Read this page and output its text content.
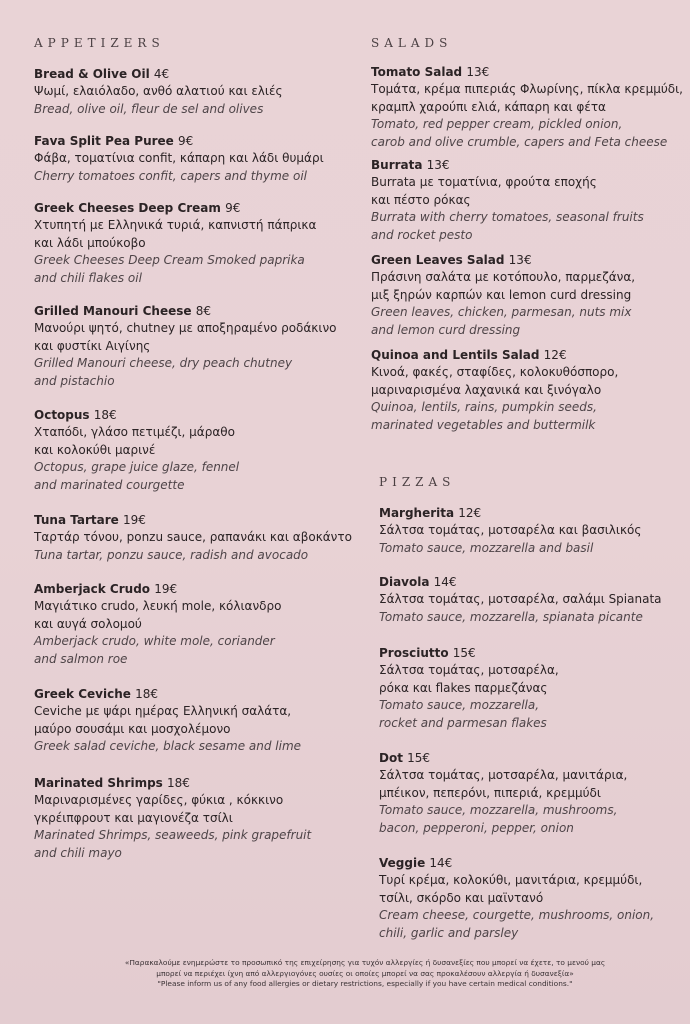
APPETIZERS	SALADS
PIZZAS
Bread & Olive Oil 4€
Ψωμί, ελαιόλαδο, ανθό αλατιού και ελιές
Bread, olive oil, fleur de sel and olives
Fava Split Pea Puree 9€
Φάβα, τοματίνια confit, κάπαρη και λάδι θυμάρι
Cherry tomatoes confit, capers and thyme oil
Greek Cheeses Deep Cream 9€
Χτυπητή με Ελληνικά τυριά, καπνιστή πάπρικα
και λάδι μπούκοβο
Greek Cheeses Deep Cream Smoked paprika
and chili flakes oil
Grilled Manouri Cheese 8€
Μανούρι ψητό, chutney με αποξηραμένο ροδάκινο
και φυστίκι Αιγίνης
Grilled Manouri cheese, dry peach chutney
and pistachio
Octopus 18€
Χταπόδι, γλάσο πετιμέζι, μάραθο
και κολοκύθι μαρινέ
Octopus, grape juice glaze, fennel
and marinated courgette
Tuna Tartare 19€
Ταρτάρ τόνου, ponzu sauce, ραπανάκι και αβοκάντο
Tuna tartar, ponzu sauce, radish and avocado
Amberjack Crudo 19€
Μαγιάτικο crudo, λευκή mole, κόλιανδρο
και αυγά σολομού
Amberjack crudo, white mole, coriander
and salmon roe
Greek Ceviche 18€
Ceviche με ψάρι ημέρας Ελληνική σαλάτα,
μαύρο σουσάμι και μοσχολέμονο
Greek salad ceviche, black sesame and lime
Marinated Shrimps 18€
Μαριναρισμένες γαρίδες, φύκια , κόκκινο
γκρέιπφρουτ και μαγιονέζα τσίλι
Marinated Shrimps, seaweeds, pink grapefruit
and chili mayo
Tomato Salad 13€
Τομάτα, κρέμα πιπεριάς Φλωρίνης, πίκλα κρεμμύδι,
κραμπλ χαρούπι ελιά, κάπαρη και φέτα
Tomato, red pepper cream, pickled onion,
carob and olive crumble, capers and Feta cheese
Burrata 13€
Burrata με τοματίνια, φρούτα εποχής
και πέστο ρόκας
Burrata with cherry tomatoes, seasonal fruits
and rocket pesto
Green Leaves Salad 13€
Πράσινη σαλάτα με κοτόπουλο, παρμεζάνα,
μιξ ξηρών καρπών και lemon curd dressing
Green leaves, chicken, parmesan, nuts mix
and lemon curd dressing
Quinoa and Lentils Salad 12€
Κινοά, φακές, σταφίδες, κολοκυθόσπορο,
μαριναρισμένα λαχανικά και ξινόγαλο
Quinoa, lentils, rains, pumpkin seeds,
marinated vegetables and buttermilk
Margherita 12€
Σάλτσα τομάτας, μοτσαρέλα και βασιλικός
Tomato sauce, mozzarella and basil
Diavola 14€
Σάλτσα τομάτας, μοτσαρέλα, σαλάμι Spianata
Tomato sauce, mozzarella, spianata picante
Prosciutto 15€
Σάλτσα τομάτας, μοτσαρέλα,
ρόκα και flakes παρμεζάνας
Tomato sauce, mozzarella,
rocket and parmesan flakes
Dot 15€
Σάλτσα τομάτας, μοτσαρέλα, μανιτάρια,
μπέικον, πεπερόνι, πιπεριά, κρεμμύδι
Tomato sauce, mozzarella, mushrooms,
bacon, pepperoni, pepper, onion
Veggie 14€
Τυρί κρέμα, κολοκύθι, μανιτάρια, κρεμμύδι,
τσίλι, σκόρδο και μαϊντανό
Cream cheese, courgette, mushrooms, onion,
chili, garlic and parsley
«Παρακαλούμε ενημερώστε το προσωπικό της επιχείρησης για τυχόν αλλεργίες ή δυσανεξίες που μπορεί να έχετε, το μενού μας
μπορεί να περιέχει ίχνη από αλλεργιογόνες ουσίες οι οποίες μπορεί να σας προκαλέσουν αλλεργία ή δυσανεξία»
"Please inform us of any food allergies or dietary restrictions, especially if you have certain medical conditions."
